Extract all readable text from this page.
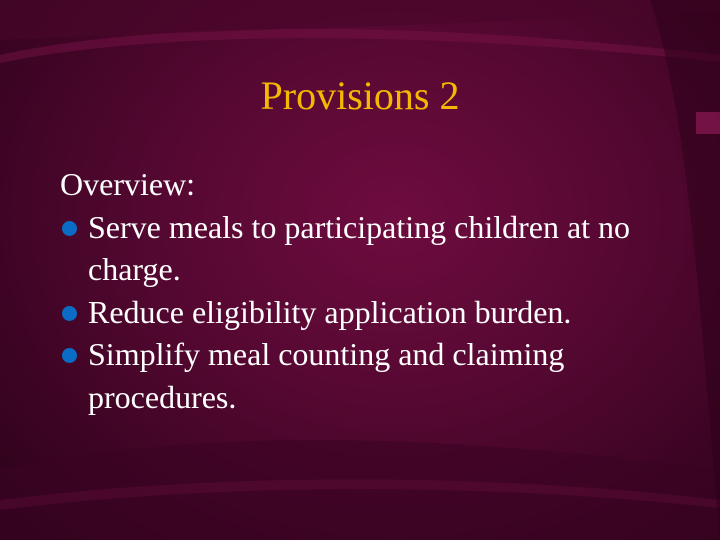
Provisions 2
Overview:
Serve meals to participating children at no charge.
Reduce eligibility application burden.
Simplify meal counting and claiming procedures.
